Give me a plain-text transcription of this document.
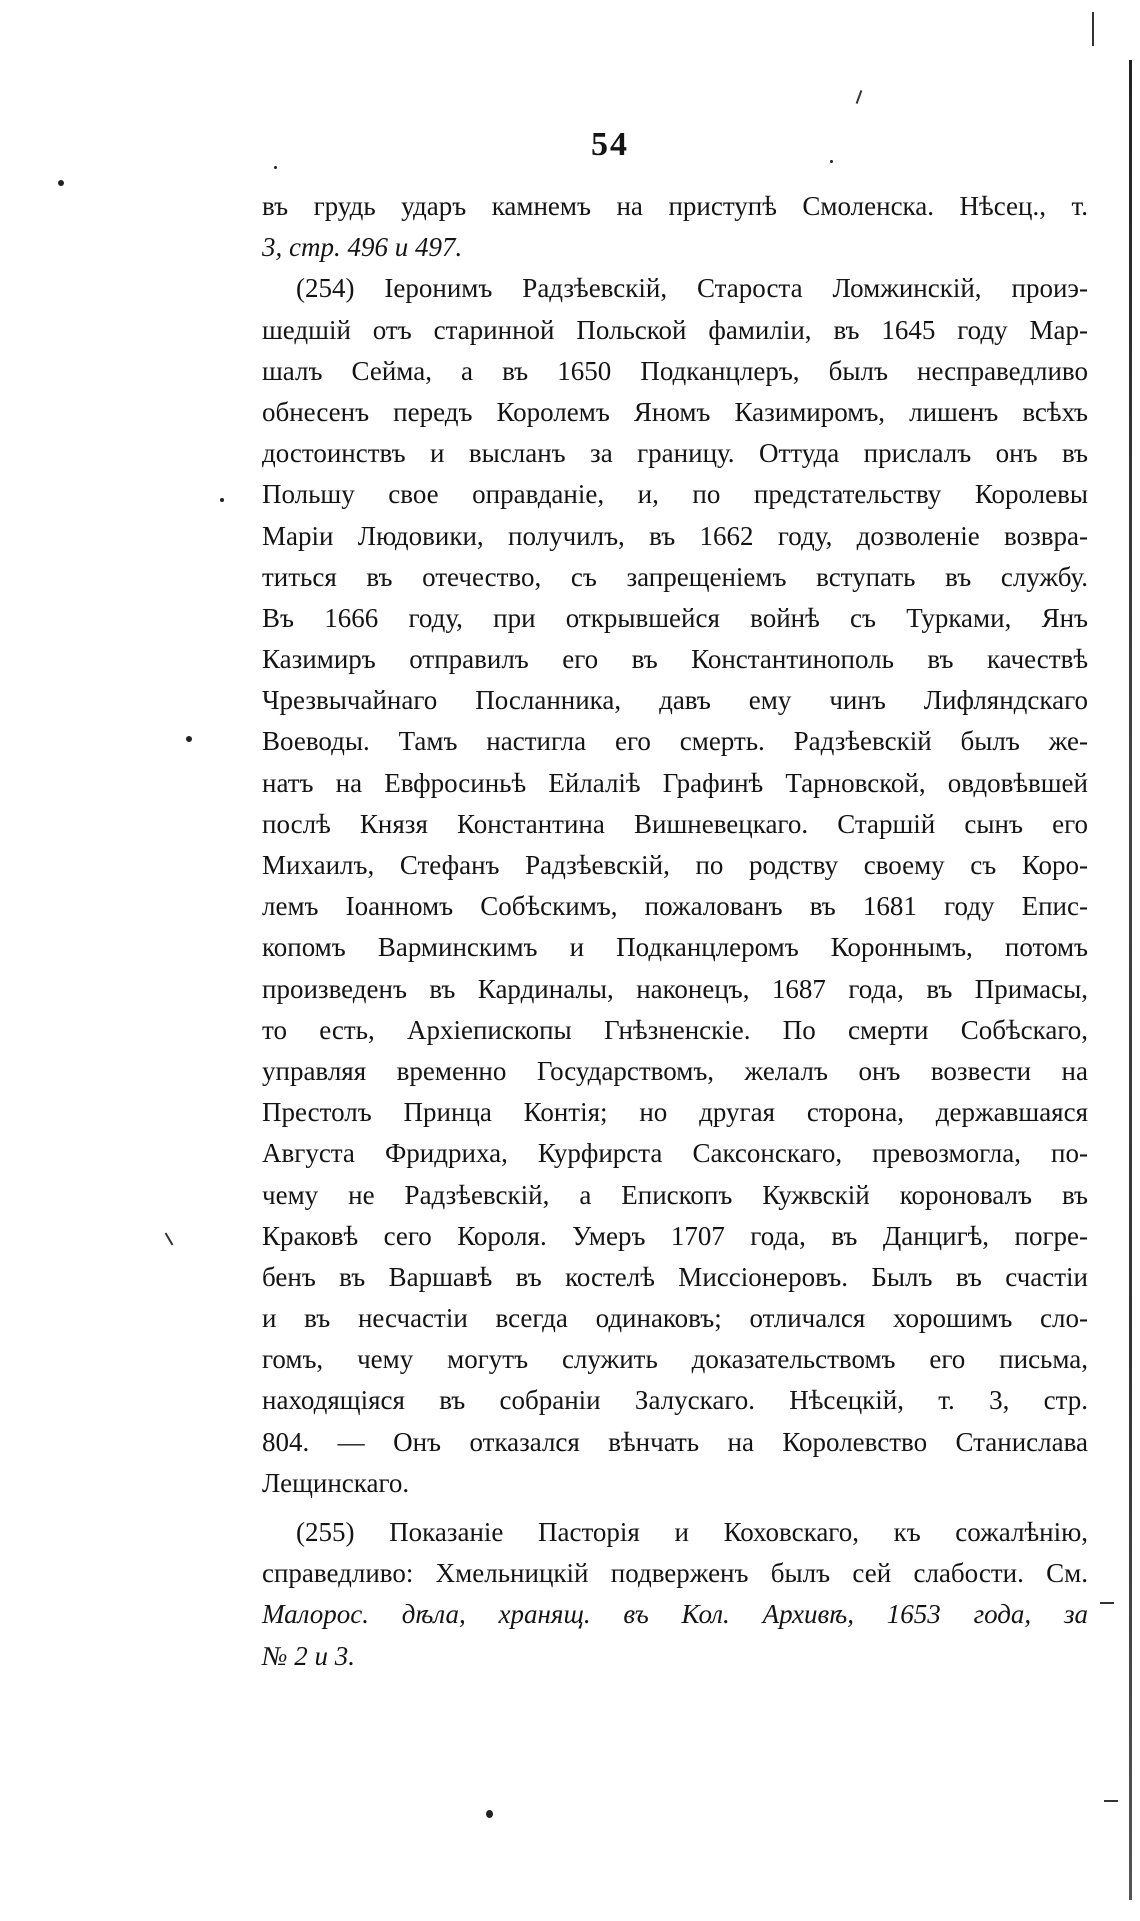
54
въ грудь ударъ камнемъ на приступѣ Смоленска. Нѣсец., т.
3, стр. 496 и 497.
(254) Іеронимъ Радзѣевскій, Староста Ломжинскій, проиэ-
шедшій отъ старинной Польской фамиліи, въ 1645 году Мар-
шалъ Сейма, а въ 1650 Подканцлеръ, былъ несправедливо
обнесенъ передъ Королемъ Яномъ Казимиромъ, лишенъ всѣхъ
достоинствъ и высланъ за границу. Оттуда прислалъ онъ въ
Польшу свое оправданіе, и, по предстательству Королевы
Маріи Людовики, получилъ, въ 1662 году, дозволеніе возвра-
титься въ отечество, съ запрещеніемъ вступать въ службу.
Въ 1666 году, при открывшейся войнѣ съ Турками, Янъ
Казимиръ отправилъ его въ Константинополь въ качествѣ
Чрезвычайнаго Посланника, давъ ему чинъ Лифляндскаго
Воеводы. Тамъ настигла его смерть. Радзѣевскій былъ же-
натъ на Евфросиньѣ Ейлаліѣ Графинѣ Тарновской, овдовѣвшей
послѣ Князя Константина Вишневецкаго. Старшій сынъ его
Михаилъ, Стефанъ Радзѣевскій, по родству своему съ Коро-
лемъ Іоанномъ Собѣскимъ, пожалованъ въ 1681 году Епис-
копомъ Варминскимъ и Подканцлеромъ Короннымъ, потомъ
произведенъ въ Кардиналы, наконецъ, 1687 года, въ Примасы,
то есть, Архіепископы Гнѣзненскіе. По смерти Собѣскаго,
управляя временно Государствомъ, желалъ онъ возвести на
Престолъ Принца Контія; но другая сторона, державшаяся
Августа Фридриха, Курфирста Саксонскаго, превозмогла, по-
чему не Радзѣевскій, а Епископъ Кужвскій короновалъ въ
Краковѣ сего Короля. Умеръ 1707 года, въ Данцигѣ, погре-
бенъ въ Варшавѣ въ костелѣ Миссіонеровъ. Былъ въ счастіи
и въ несчастіи всегда одинаковъ; отличался хорошимъ сло-
гомъ, чему могутъ служить доказательствомъ его письма,
находящіяся въ собраніи Залускаго. Нѣсецкій, т. 3, стр.
804. — Онъ отказался вѣнчать на Королевство Станислава
Лещинскаго.
(255) Показаніе Пасторія и Коховскаго, къ сожалѣнію,
справедливо: Хмельницкій подверженъ былъ сей слабости. См.
Малорос. дѣла, хранящ. въ Кол. Архивѣ, 1653 года, за
№ 2 и 3.
